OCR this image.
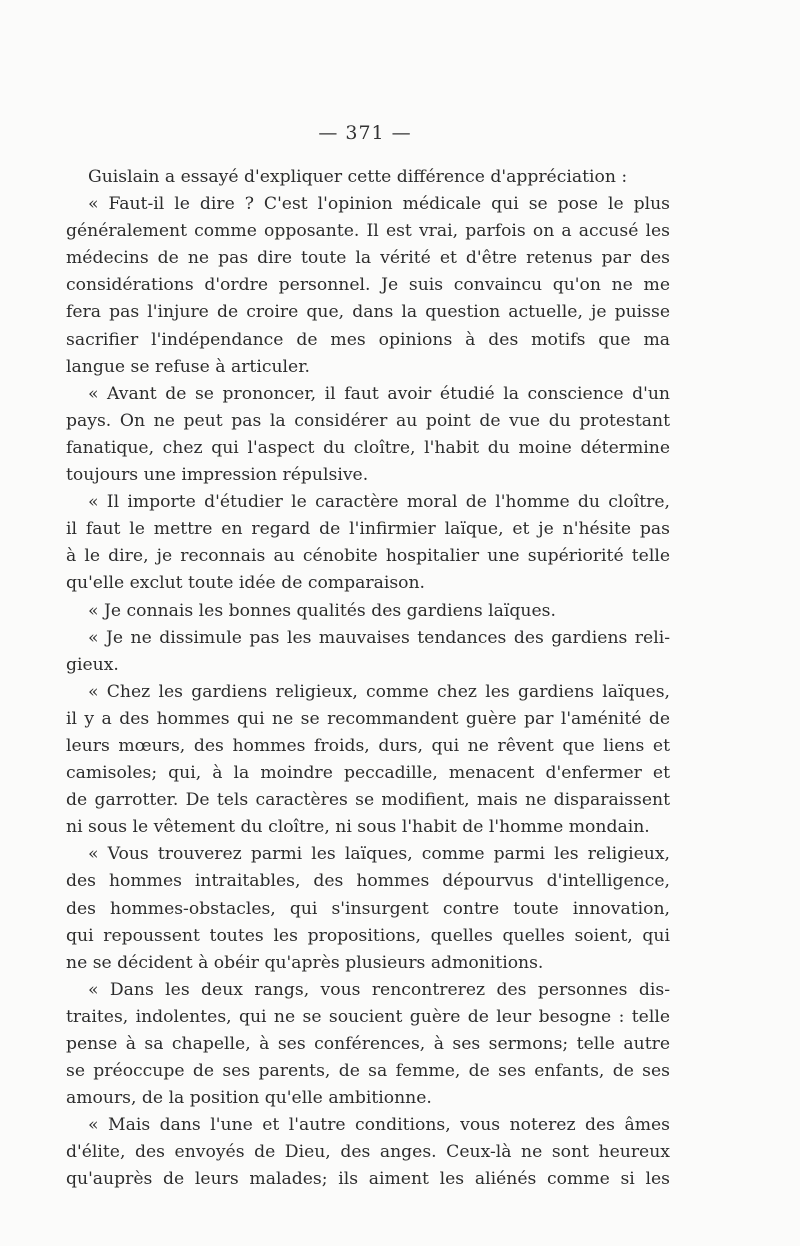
— 371 —
Guislain a essayé d'expliquer cette différence d'appréciation :
« Faut-il le dire ? C'est l'opinion médicale qui se pose le plus
généralement comme opposante. Il est vrai, parfois on a accusé les
médecins de ne pas dire toute la vérité et d'être retenus par des
considérations d'ordre personnel. Je suis convaincu qu'on ne me
fera pas l'injure de croire que, dans la question actuelle, je puisse
sacrifier l'indépendance de mes opinions à des motifs que ma
langue se refuse à articuler.
« Avant de se prononcer, il faut avoir étudié la conscience d'un
pays. On ne peut pas la considérer au point de vue du protestant
fanatique, chez qui l'aspect du cloître, l'habit du moine détermine
toujours une impression répulsive.
« Il importe d'étudier le caractère moral de l'homme du cloître,
il faut le mettre en regard de l'infirmier laïque, et je n'hésite pas
à le dire, je reconnais au cénobite hospitalier une supériorité telle
qu'elle exclut toute idée de comparaison.
« Je connais les bonnes qualités des gardiens laïques.
« Je ne dissimule pas les mauvaises tendances des gardiens reli-
gieux.
« Chez les gardiens religieux, comme chez les gardiens laïques,
il y a des hommes qui ne se recommandent guère par l'aménité de
leurs mœurs, des hommes froids, durs, qui ne rêvent que liens et
camisoles; qui, à la moindre peccadille, menacent d'enfermer et
de garrotter. De tels caractères se modifient, mais ne disparaissent
ni sous le vêtement du cloître, ni sous l'habit de l'homme mondain.
« Vous trouverez parmi les laïques, comme parmi les religieux,
des hommes intraitables, des hommes dépourvus d'intelligence,
des hommes-obstacles, qui s'insurgent contre toute innovation,
qui repoussent toutes les propositions, quelles quelles soient, qui
ne se décident à obéir qu'après plusieurs admonitions.
« Dans les deux rangs, vous rencontrerez des personnes dis-
traites, indolentes, qui ne se soucient guère de leur besogne : telle
pense à sa chapelle, à ses conférences, à ses sermons; telle autre
se préoccupe de ses parents, de sa femme, de ses enfants, de ses
amours, de la position qu'elle ambitionne.
« Mais dans l'une et l'autre conditions, vous noterez des âmes
d'élite, des envoyés de Dieu, des anges. Ceux-là ne sont heureux
qu'auprès de leurs malades; ils aiment les aliénés comme si les
